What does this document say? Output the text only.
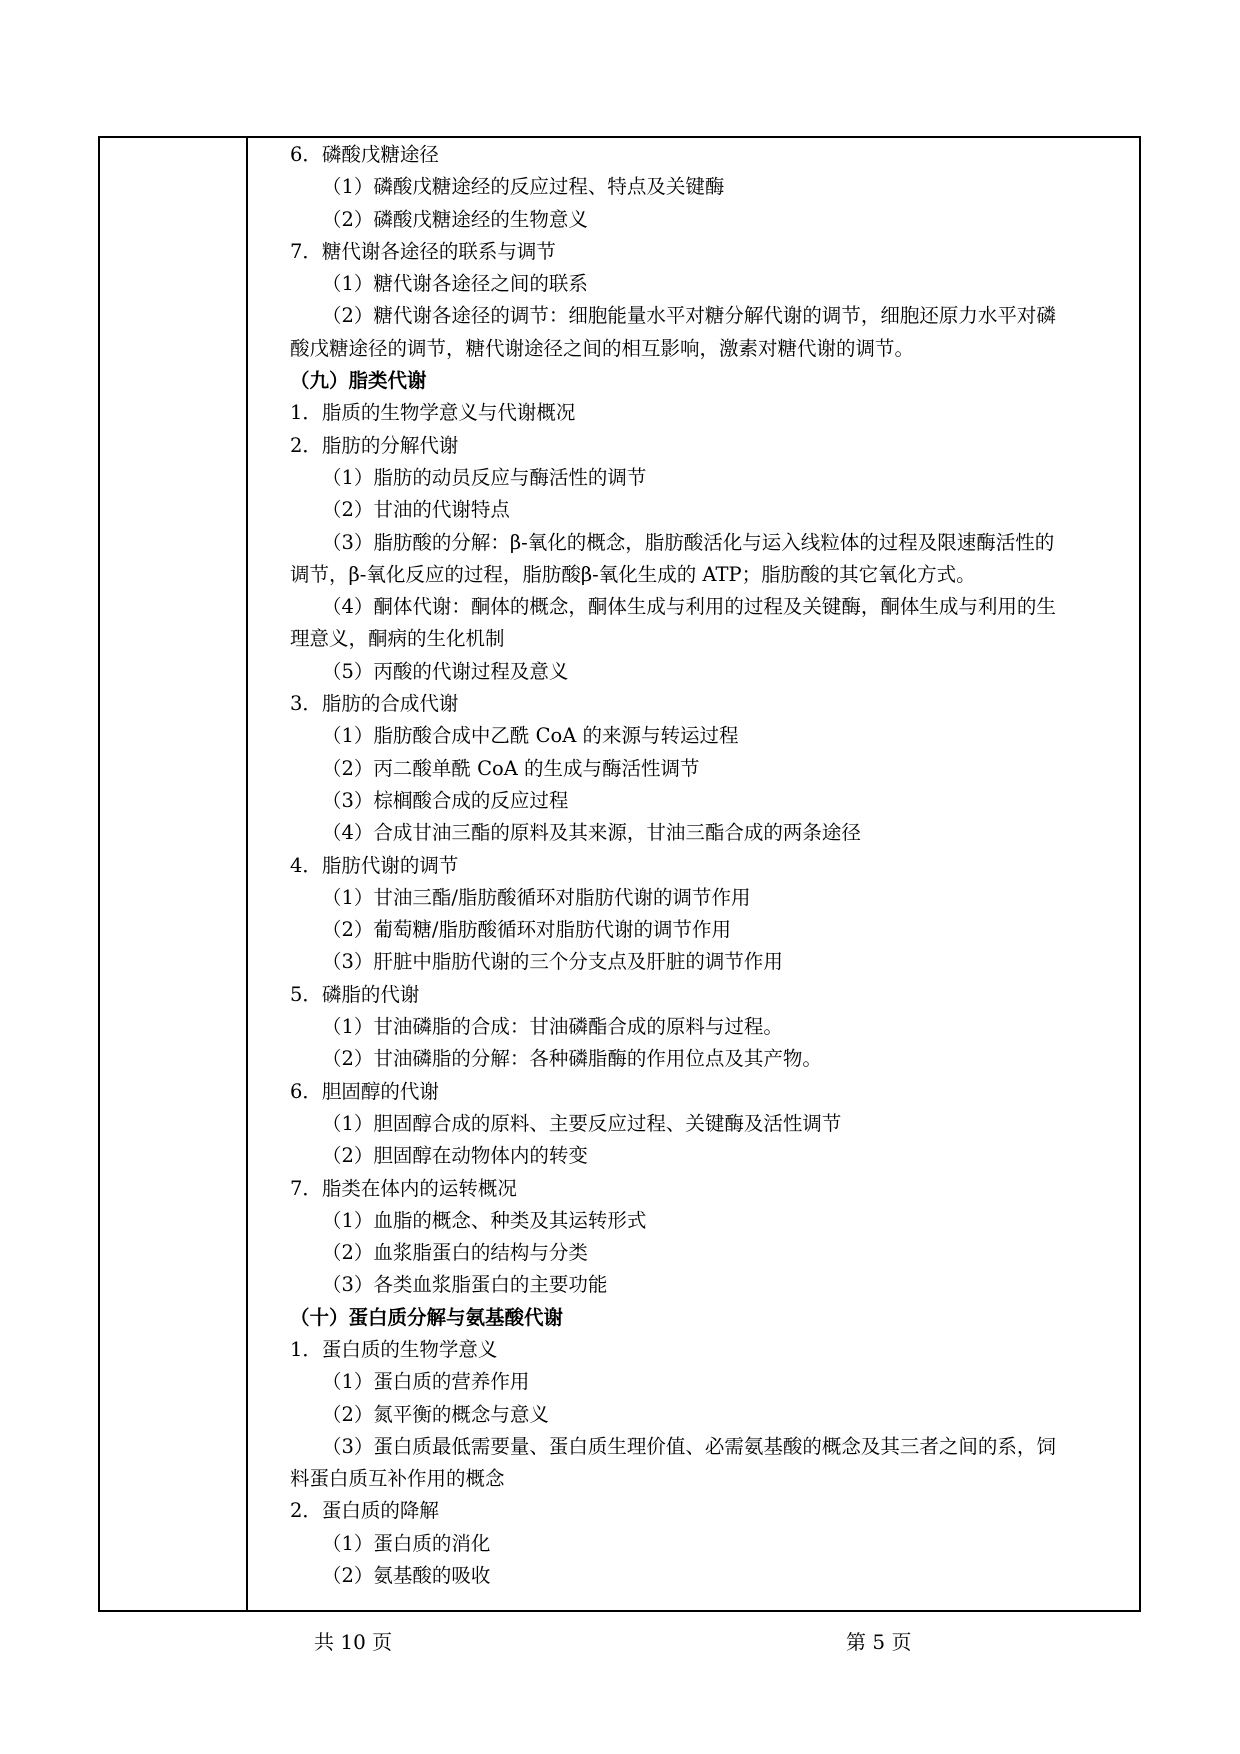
6．磷酸戊糖途径
（1）磷酸戊糖途经的反应过程、特点及关键酶
（2）磷酸戊糖途经的生物意义
7．糖代谢各途径的联系与调节
（1）糖代谢各途径之间的联系
（2）糖代谢各途径的调节：细胞能量水平对糖分解代谢的调节，细胞还原力水平对磷
酸戊糖途径的调节，糖代谢途径之间的相互影响，激素对糖代谢的调节。
（九）脂类代谢
1．脂质的生物学意义与代谢概况
2．脂肪的分解代谢
（1）脂肪的动员反应与酶活性的调节
（2）甘油的代谢特点
（3）脂肪酸的分解：β-氧化的概念，脂肪酸活化与运入线粒体的过程及限速酶活性的
调节，β-氧化反应的过程，脂肪酸β-氧化生成的 ATP；脂肪酸的其它氧化方式。
（4）酮体代谢：酮体的概念，酮体生成与利用的过程及关键酶，酮体生成与利用的生
理意义，酮病的生化机制
（5）丙酸的代谢过程及意义
3．脂肪的合成代谢
（1）脂肪酸合成中乙酰 CoA 的来源与转运过程
（2）丙二酸单酰 CoA 的生成与酶活性调节
（3）棕榈酸合成的反应过程
（4）合成甘油三酯的原料及其来源，甘油三酯合成的两条途径
4．脂肪代谢的调节
（1）甘油三酯/脂肪酸循环对脂肪代谢的调节作用
（2）葡萄糖/脂肪酸循环对脂肪代谢的调节作用
（3）肝脏中脂肪代谢的三个分支点及肝脏的调节作用
5．磷脂的代谢
（1）甘油磷脂的合成：甘油磷酯合成的原料与过程。
（2）甘油磷脂的分解：各种磷脂酶的作用位点及其产物。
6．胆固醇的代谢
（1）胆固醇合成的原料、主要反应过程、关键酶及活性调节
（2）胆固醇在动物体内的转变
7．脂类在体内的运转概况
（1）血脂的概念、种类及其运转形式
（2）血浆脂蛋白的结构与分类
（3）各类血浆脂蛋白的主要功能
（十）蛋白质分解与氨基酸代谢
1．蛋白质的生物学意义
（1）蛋白质的营养作用
（2）氮平衡的概念与意义
（3）蛋白质最低需要量、蛋白质生理价值、必需氨基酸的概念及其三者之间的系，饲
料蛋白质互补作用的概念
2．蛋白质的降解
（1）蛋白质的消化
（2）氨基酸的吸收
共 10 页	第 5 页
